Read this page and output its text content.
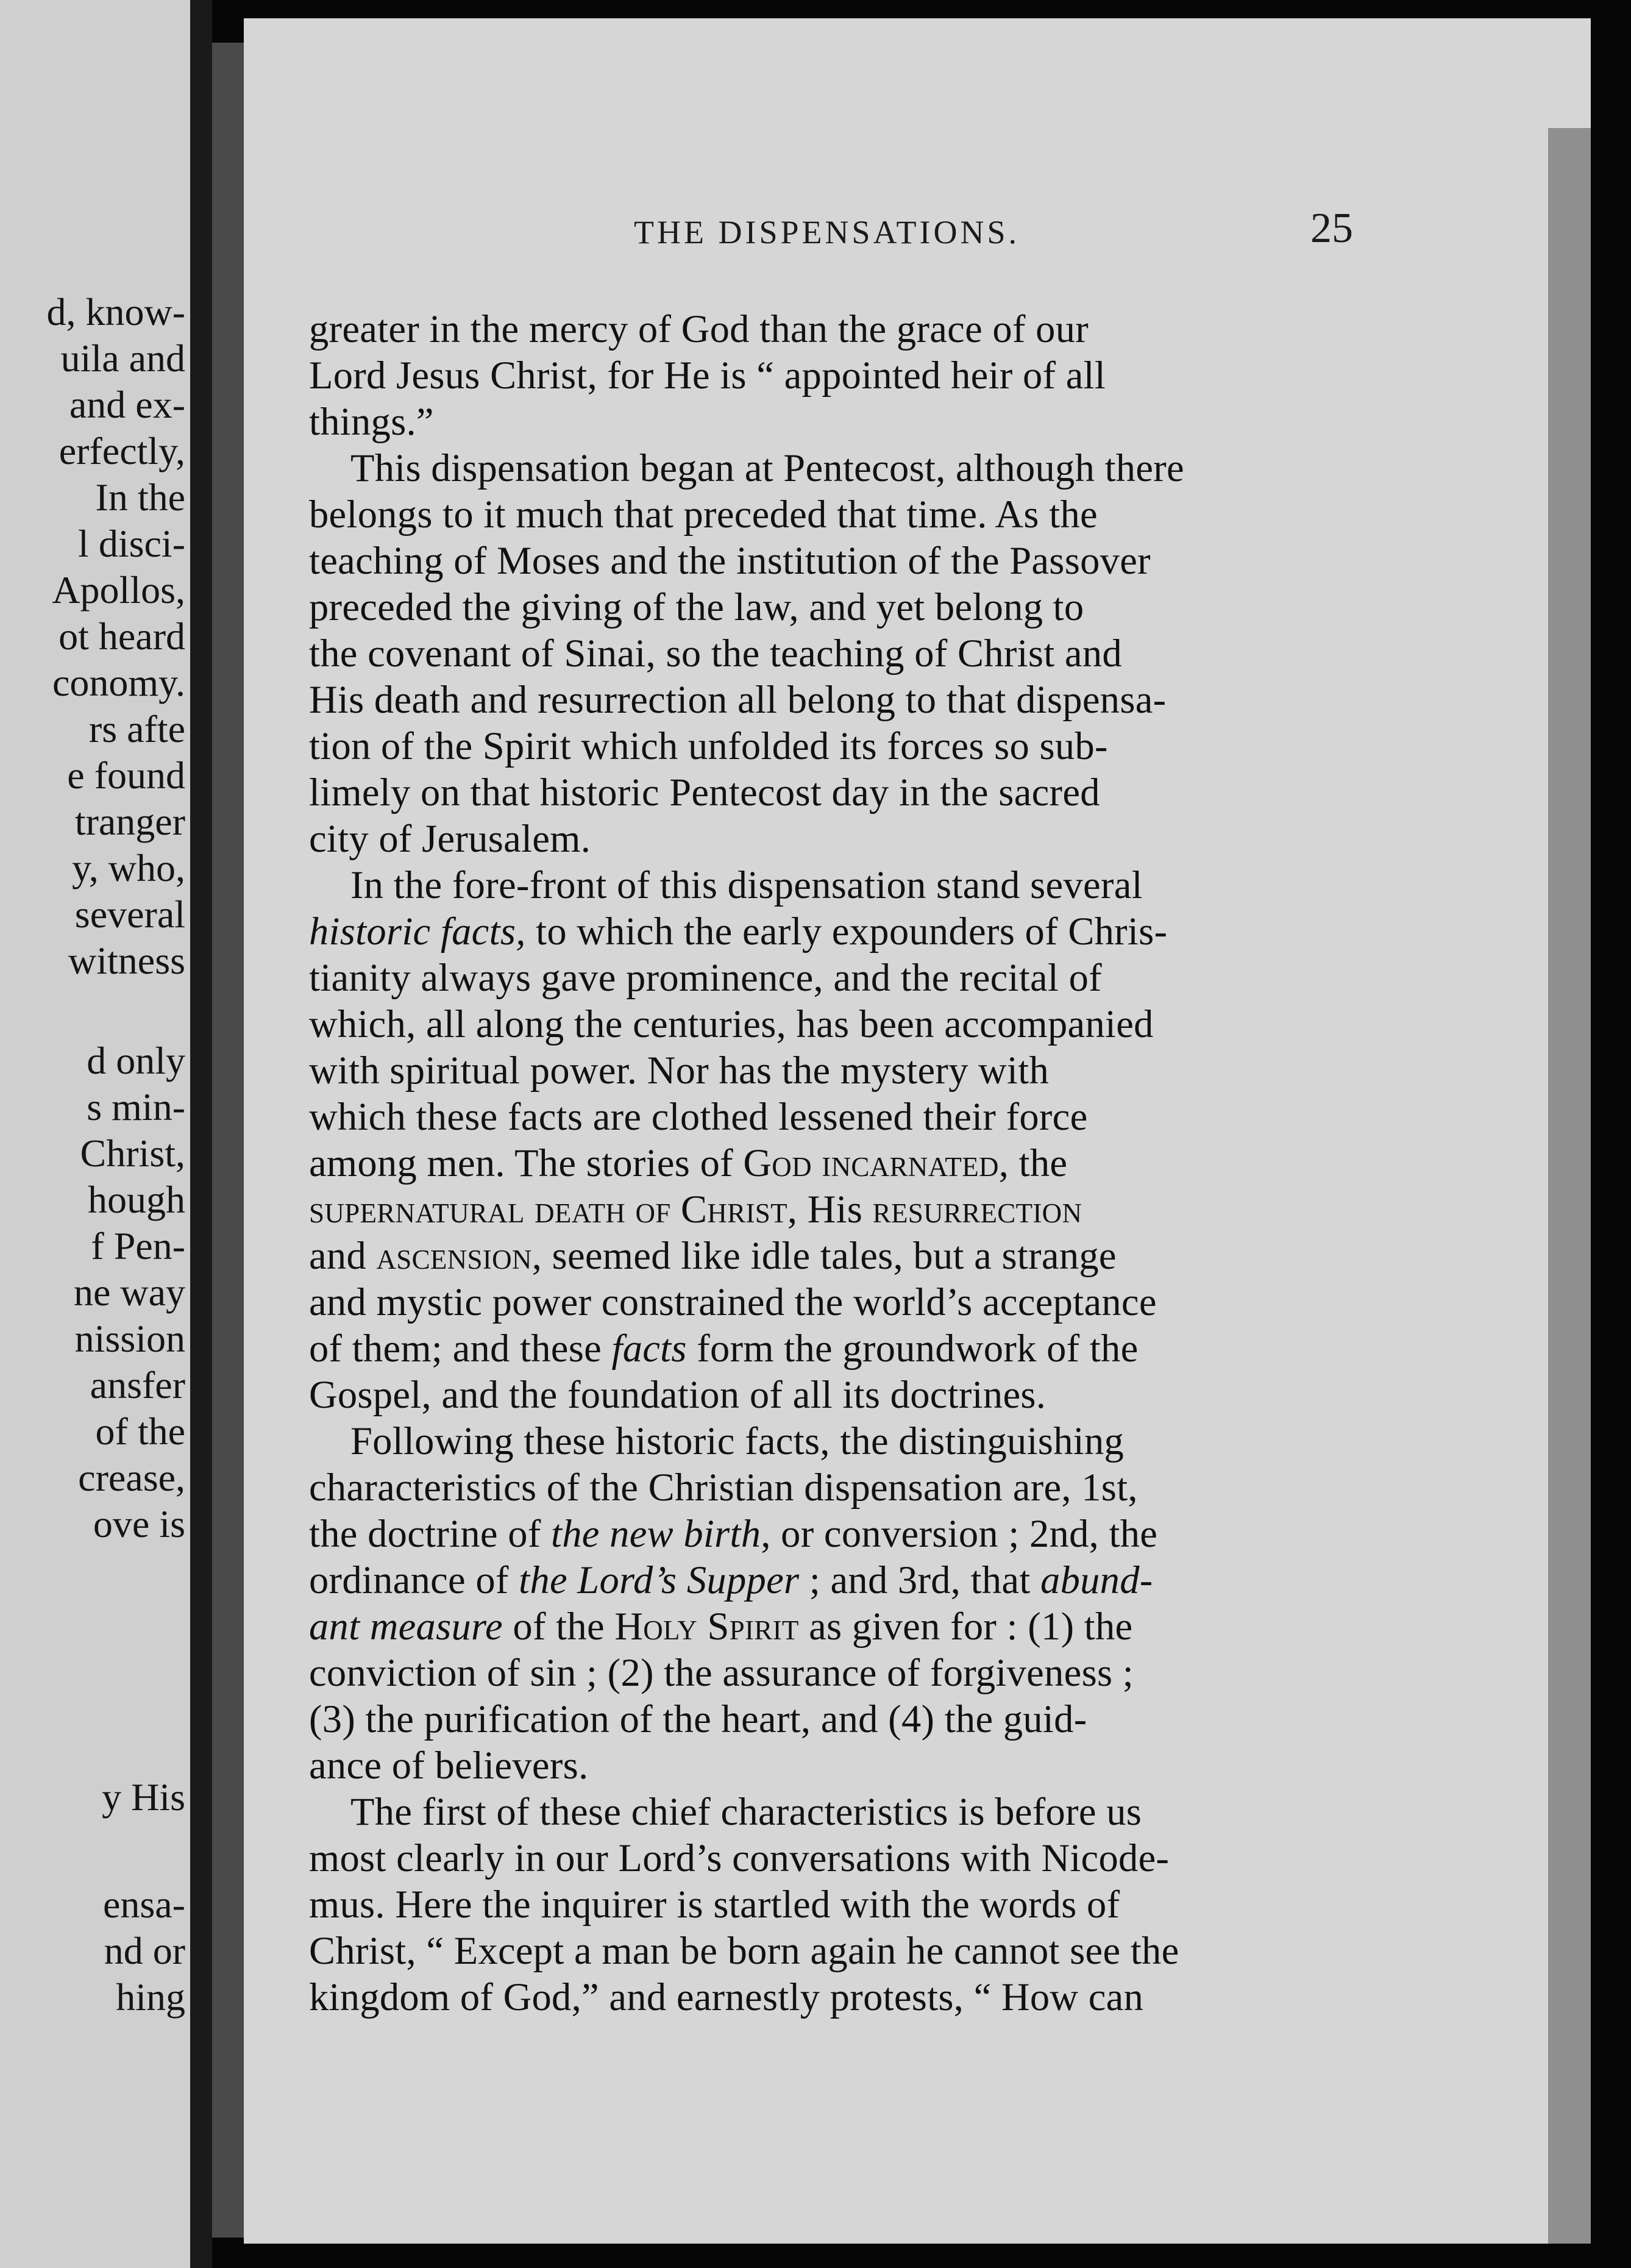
d, know-
uila and
and ex-
erfectly,
In the
l disci-
Apollos,
ot heard
conomy.
rs afte
e found
tranger
y, who,
several
witness
d only
s min-
Christ,
hough
f Pen-
ne way
nission
ansfer
of the
crease,
ove is
y His
ensa-
nd or
hing
THE DISPENSATIONS.	25
greater in the mercy of God than the grace of our
Lord Jesus Christ, for He is “ appointed heir of all
things.”
This dispensation began at Pentecost, although there
belongs to it much that preceded that time. As the
teaching of Moses and the institution of the Passover
preceded the giving of the law, and yet belong to
the covenant of Sinai, so the teaching of Christ and
His death and resurrection all belong to that dispensa-
tion of the Spirit which unfolded its forces so sub-
limely on that historic Pentecost day in the sacred
city of Jerusalem.
In the fore-front of this dispensation stand several
historic facts, to which the early expounders of Chris-
tianity always gave prominence, and the recital of
which, all along the centuries, has been accompanied
with spiritual power. Nor has the mystery with
which these facts are clothed lessened their force
among men. The stories of God incarnated, the
supernatural death of Christ, His resurrection
and ascension, seemed like idle tales, but a strange
and mystic power constrained the world’s acceptance
of them; and these facts form the groundwork of the
Gospel, and the foundation of all its doctrines.
Following these historic facts, the distinguishing
characteristics of the Christian dispensation are, 1st,
the doctrine of the new birth, or conversion ; 2nd, the
ordinance of the Lord’s Supper ; and 3rd, that abund-
ant measure of the Holy Spirit as given for : (1) the
conviction of sin ; (2) the assurance of forgiveness ;
(3) the purification of the heart, and (4) the guid-
ance of believers.
The first of these chief characteristics is before us
most clearly in our Lord’s conversations with Nicode-
mus. Here the inquirer is startled with the words of
Christ, “ Except a man be born again he cannot see the
kingdom of God,” and earnestly protests, “ How can
